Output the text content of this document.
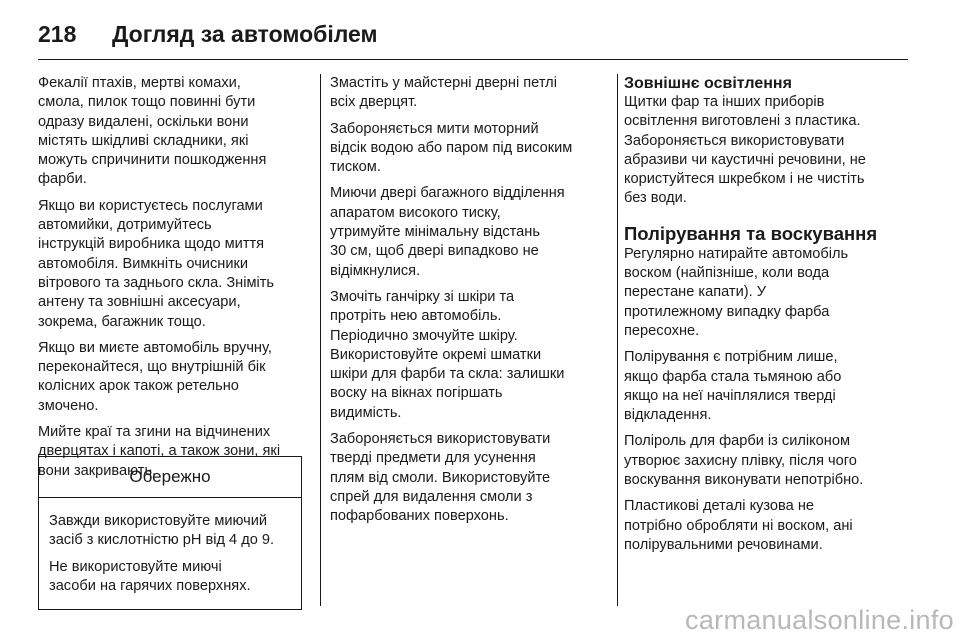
218	Догляд за автомобілем

Фекалії птахів, мертві комахи,
смола, пилок тощо повинні бути
одразу видалені, оскільки вони
містять шкідливі складники, які
можуть спричинити пошкодження
фарби.

Якщо ви користуєтесь послугами
автомийки, дотримуйтесь
інструкцій виробника щодо миття
автомобіля. Вимкніть очисники
вітрового та заднього скла. Зніміть
антену та зовнішні аксесуари,
зокрема, багажник тощо.

Якщо ви миєте автомобіль вручну,
переконайтеся, що внутрішній бік
колісних арок також ретельно
змочено.

Мийте краї та згини на відчинених
дверцятах і капоті, а також зони, які
вони закривають.

Обережно

Завжди використовуйте миючий
засіб з кислотністю pH від 4 до 9.

Не використовуйте миючі
засоби на гарячих поверхнях.

Змастіть у майстерні дверні петлі
всіх дверцят.

Забороняється мити моторний
відсік водою або паром під високим
тиском.

Миючи двері багажного відділення
апаратом високого тиску,
утримуйте мінімальну відстань
30 см, щоб двері випадково не
відімкнулися.

Змочіть ганчірку зі шкіри та
протріть нею автомобіль.
Періодично змочуйте шкіру.
Використовуйте окремі шматки
шкіри для фарби та скла: залишки
воску на вікнах погіршать
видимість.

Забороняється використовувати
тверді предмети для усунення
плям від смоли. Використовуйте
спрей для видалення смоли з
пофарбованих поверхонь.

Зовнішнє освітлення

Щитки фар та інших приборів
освітлення виготовлені з пластика.
Забороняється використовувати
абразиви чи каустичні речовини, не
користуйтеся шкребком і не чистіть
без води.

Полірування та воскування

Регулярно натирайте автомобіль
воском (найпізніше, коли вода
перестане капати). У
протилежному випадку фарба
пересохне.

Полірування є потрібним лише,
якщо фарба стала тьмяною або
якщо на неї начіплялися тверді
відкладення.

Поліроль для фарби із силіконом
утворює захисну плівку, після чого
воскування виконувати непотрібно.

Пластикові деталі кузова не
потрібно обробляти ні воском, ані
полірувальними речовинами.

carmanualsonline.info
